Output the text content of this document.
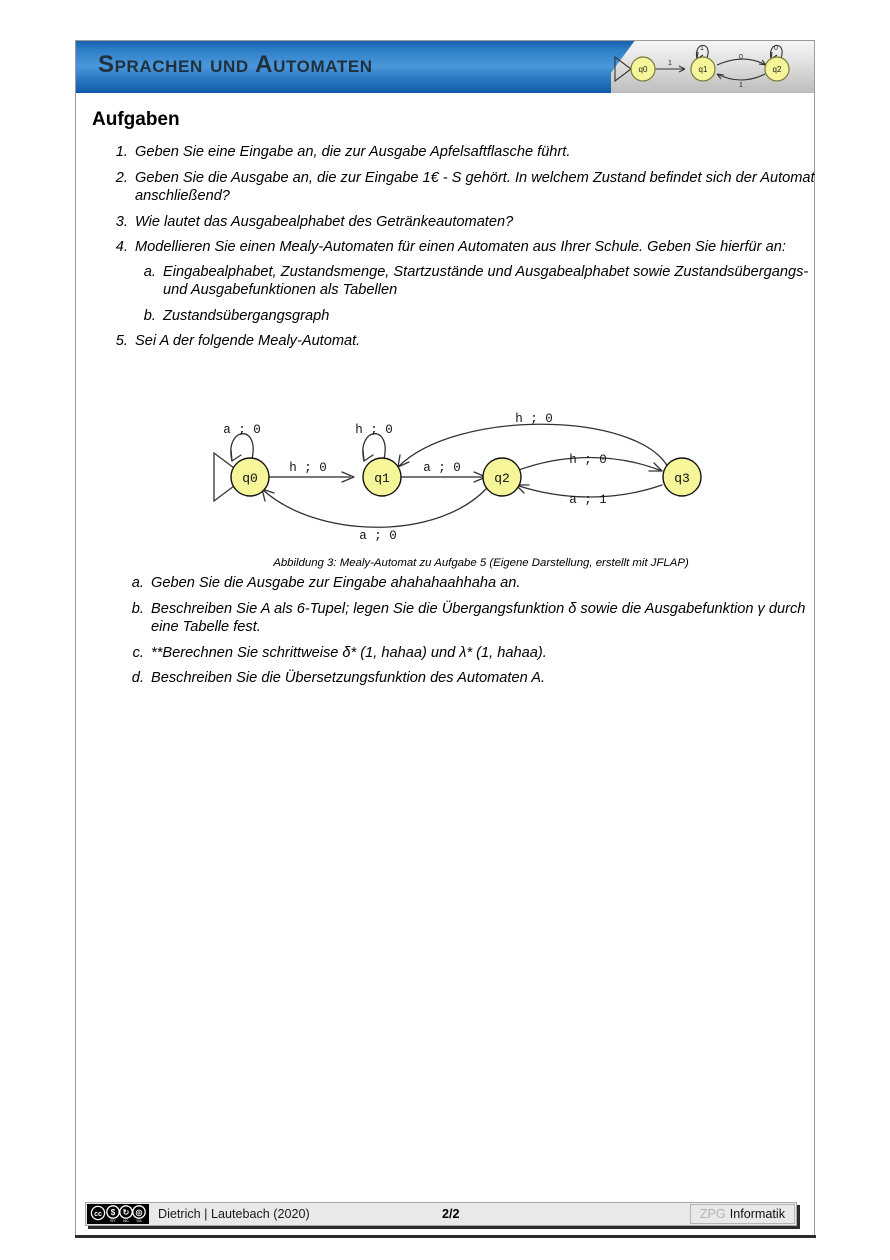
Sprachen und Automaten	q0	q1	q2
1
1
0
1
0
Aufgaben
1. Geben Sie eine Eingabe an, die zur Ausgabe Apfelsaftflasche führt.
2. Geben Sie die Ausgabe an, die zur Eingabe 1€ - S gehört. In welchem Zustand befindet sich der Automat anschließend?
3. Wie lautet das Ausgabealphabet des Getränkeautomaten?
4. Modellieren Sie einen Mealy-Automaten für einen Automaten aus Ihrer Schule. Geben Sie hierfür an:
a. Eingabealphabet, Zustandsmenge, Startzustände und Ausgabealphabet sowie Zustandsübergangs- und Ausgabefunktionen als Tabellen
b. Zustandsübergangsgraph
5. Sei A der folgende Mealy-Automat.
q0	q1	q2	q3
a ; 0
h ; 0
h ; 0
a ; 0
a ; 0
h ; 0
a ; 1
h ; 0
Abbildung 3: Mealy-Automat zu Aufgabe 5 (Eigene Darstellung, erstellt mit JFLAP)
a. Geben Sie die Ausgabe zur Eingabe ahahahaahhaha an.
b. Beschreiben Sie A als 6-Tupel; legen Sie die Übergangsfunktion δ sowie die Ausgabefunktion γ durch eine Tabelle fest.
c. **Berechnen Sie schrittweise δ* (1, hahaa) und λ* (1, hahaa).
d. Beschreiben Sie die Übersetzungsfunktion des Automaten A.
cc $ ↻ ◎
BY NC SA Dietrich | Lautebach (2020)	2/2	ZPG Informatik
